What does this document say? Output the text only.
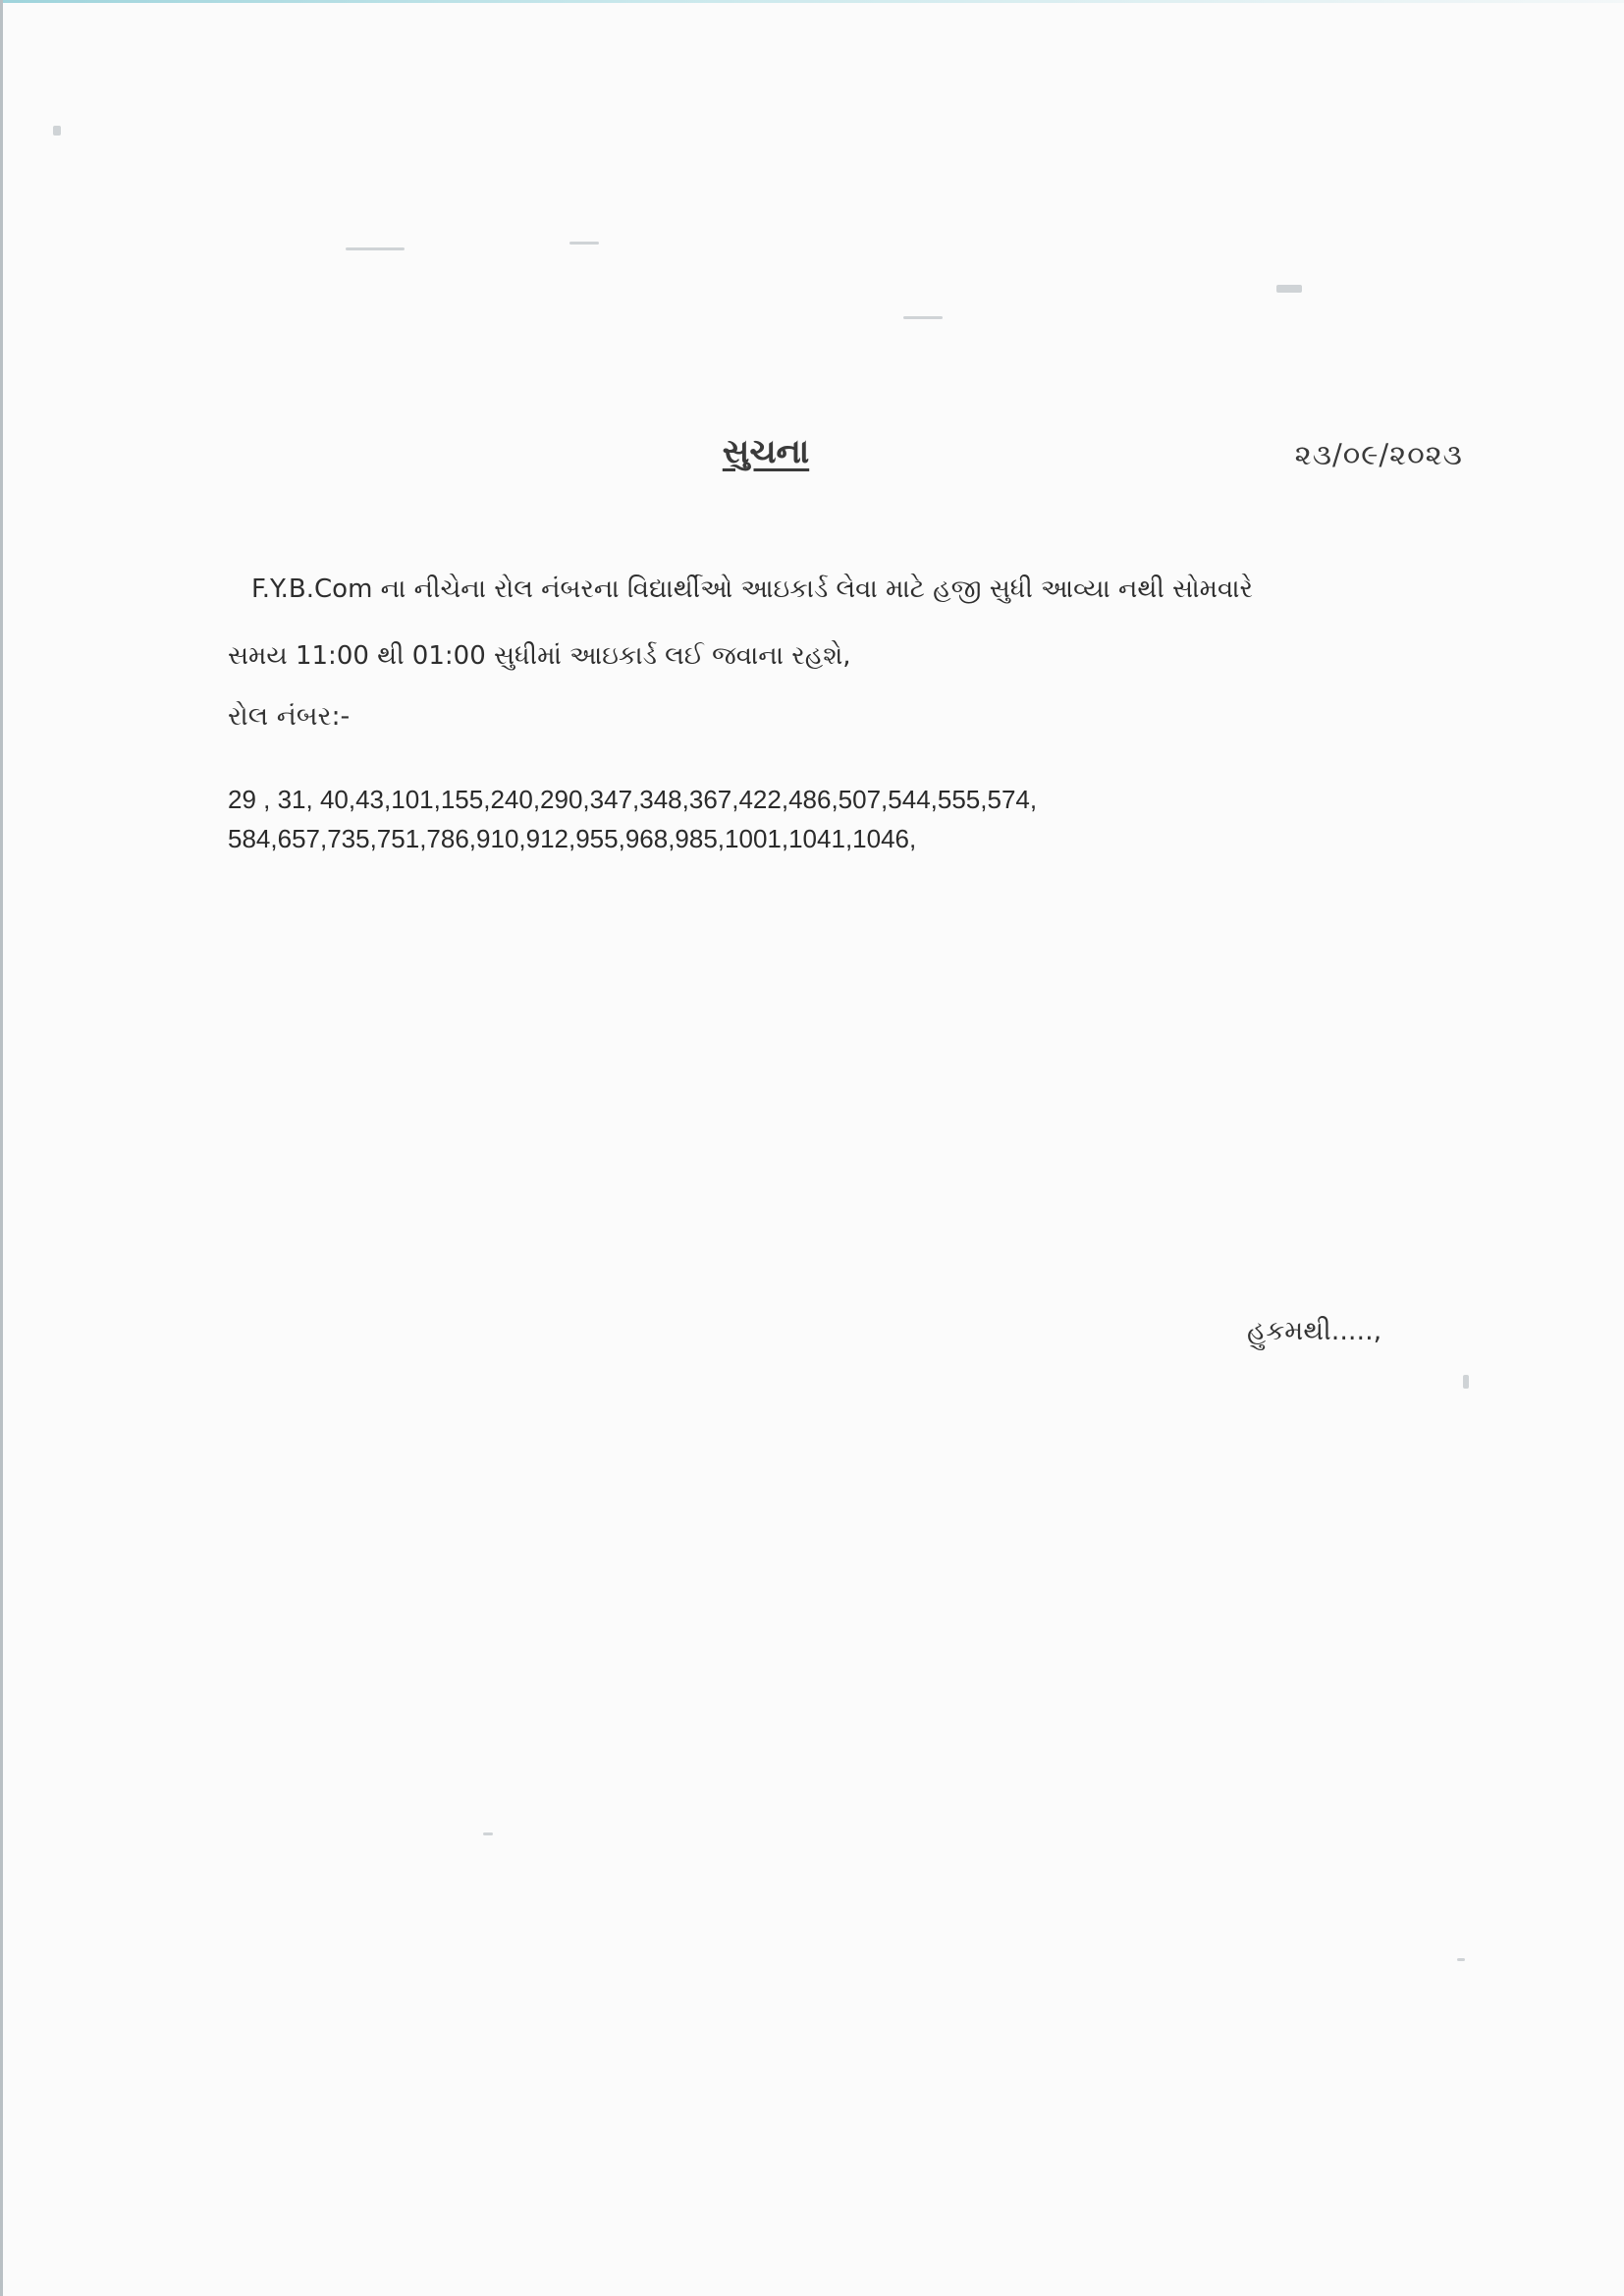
સુચના	૨૩/૦૯/૨૦૨૩
F.Y.B.Com ના નીચેના રોલ નંબરના વિદ્યાર્થીઓ આઇકાર્ડ લેવા માટે હજી સુધી આવ્યા નથી સોમવારે
સમય 11:00 થી 01:00 સુધીમાં આઇકાર્ડ લઈ જવાના રહશે,
રોલ નંબર:-
29 , 31, 40,43,101,155,240,290,347,348,367,422,486,507,544,555,574,
584,657,735,751,786,910,912,955,968,985,1001,1041,1046,
હુકમથી.....,
